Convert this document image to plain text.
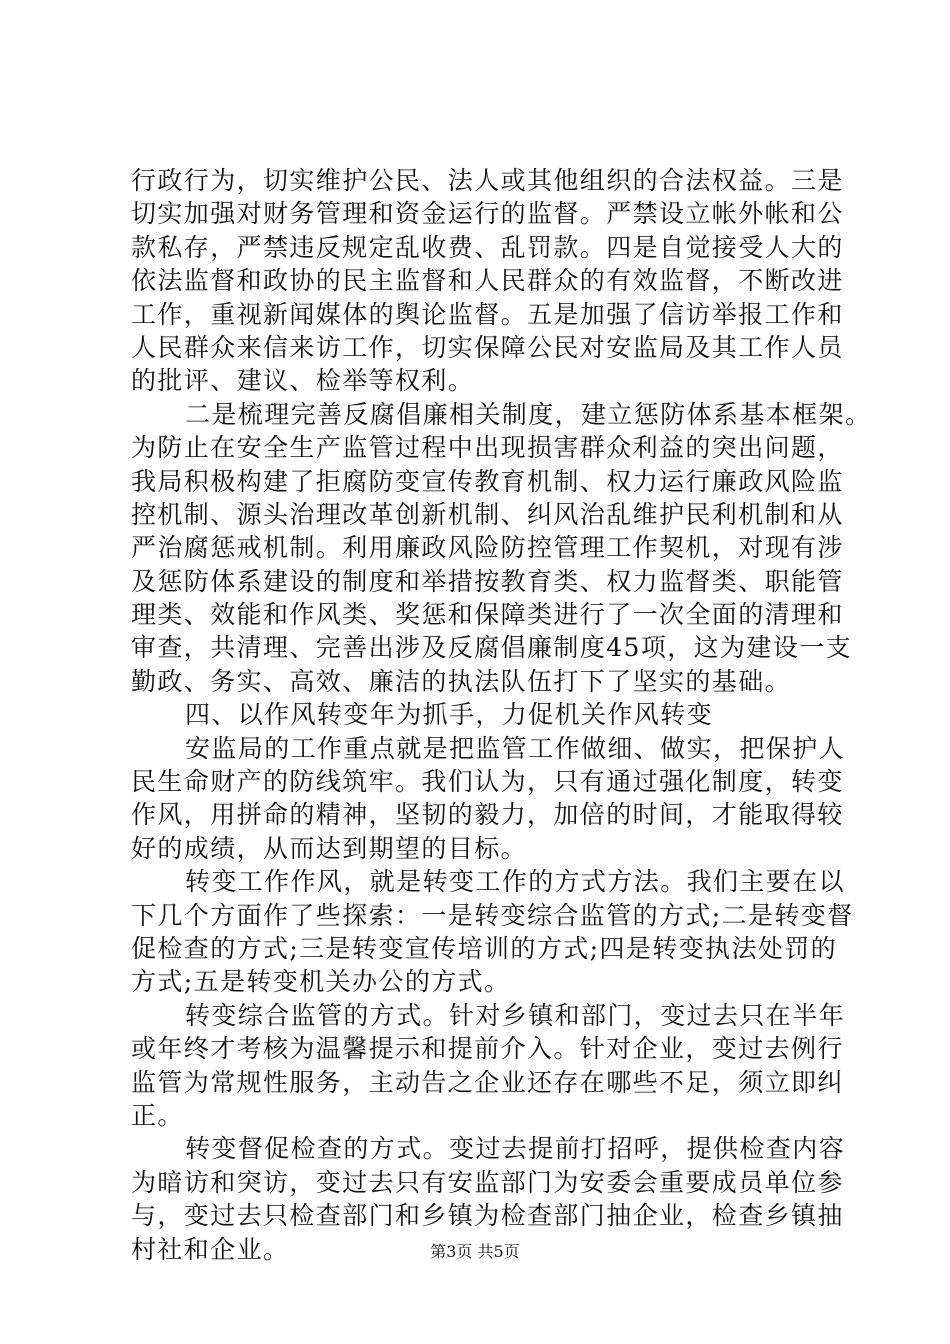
行政行为，切实维护公民、法人或其他组织的合法权益。三是
切实加强对财务管理和资金运行的监督。严禁设立帐外帐和公
款私存，严禁违反规定乱收费、乱罚款。四是自觉接受人大的
依法监督和政协的民主监督和人民群众的有效监督，不断改进
工作，重视新闻媒体的舆论监督。五是加强了信访举报工作和
人民群众来信来访工作，切实保障公民对安监局及其工作人员
的批评、建议、检举等权利。
二是梳理完善反腐倡廉相关制度，建立惩防体系基本框架。
为防止在安全生产监管过程中出现损害群众利益的突出问题，
我局积极构建了拒腐防变宣传教育机制、权力运行廉政风险监
控机制、源头治理改革创新机制、纠风治乱维护民利机制和从
严治腐惩戒机制。利用廉政风险防控管理工作契机，对现有涉
及惩防体系建设的制度和举措按教育类、权力监督类、职能管
理类、效能和作风类、奖惩和保障类进行了一次全面的清理和
审查，共清理、完善出涉及反腐倡廉制度45项，这为建设一支
勤政、务实、高效、廉洁的执法队伍打下了坚实的基础。
四、以作风转变年为抓手，力促机关作风转变
安监局的工作重点就是把监管工作做细、做实，把保护人
民生命财产的防线筑牢。我们认为，只有通过强化制度，转变
作风，用拼命的精神，坚韧的毅力，加倍的时间，才能取得较
好的成绩，从而达到期望的目标。
转变工作作风，就是转变工作的方式方法。我们主要在以
下几个方面作了些探索：一是转变综合监管的方式;二是转变督
促检查的方式;三是转变宣传培训的方式;四是转变执法处罚的
方式;五是转变机关办公的方式。
转变综合监管的方式。针对乡镇和部门，变过去只在半年
或年终才考核为温馨提示和提前介入。针对企业，变过去例行
监管为常规性服务，主动告之企业还存在哪些不足，须立即纠
正。
转变督促检查的方式。变过去提前打招呼，提供检查内容
为暗访和突访，变过去只有安监部门为安委会重要成员单位参
与，变过去只检查部门和乡镇为检查部门抽企业，检查乡镇抽
村社和企业。	第3页 共5页
